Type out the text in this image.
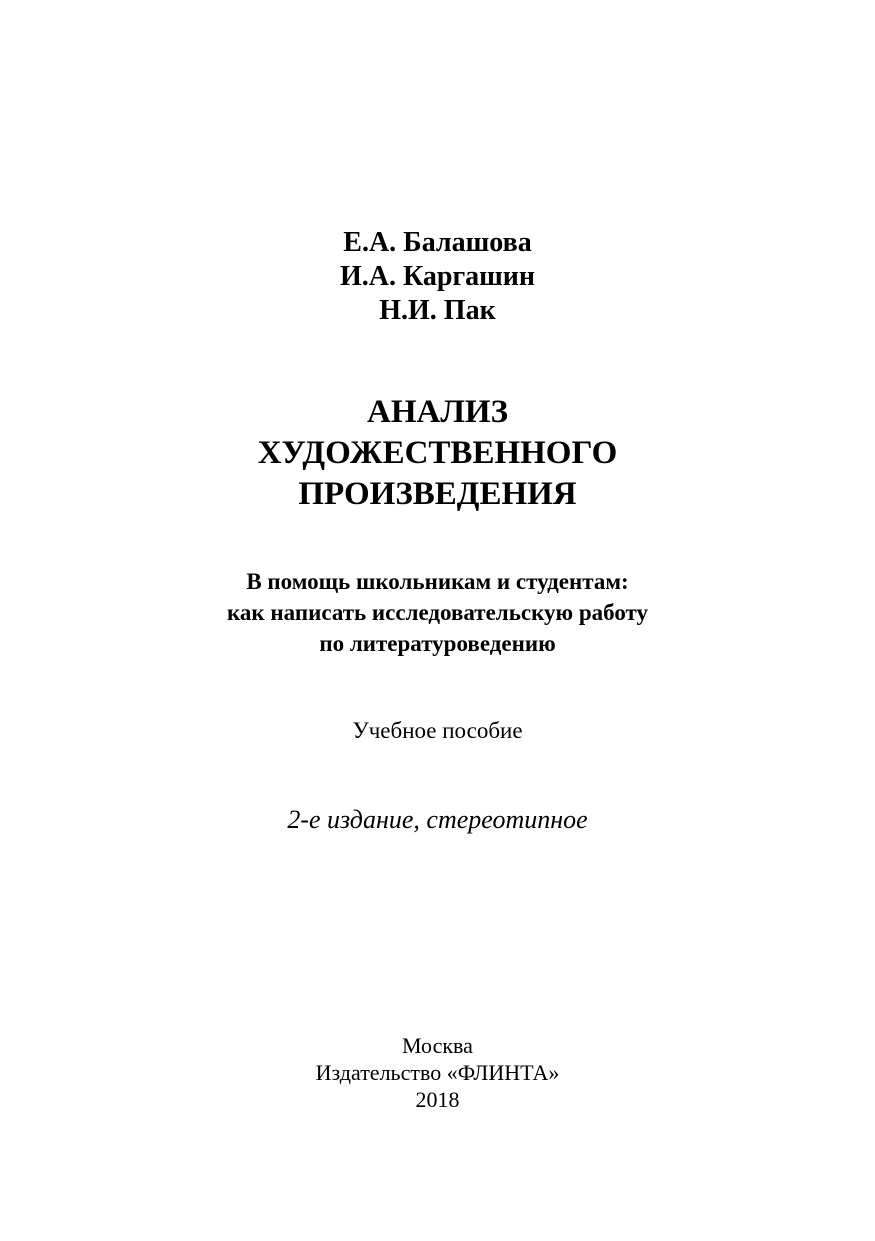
Е.А. Балашова
И.А. Каргашин
Н.И. Пак
АНАЛИЗ
ХУДОЖЕСТВЕННОГО
ПРОИЗВЕДЕНИЯ
В помощь школьникам и студентам:
как написать исследовательскую работу
по литературоведению
Учебное пособие
2-е издание, стереотипное
Москва
Издательство «ФЛИНТА»
2018
